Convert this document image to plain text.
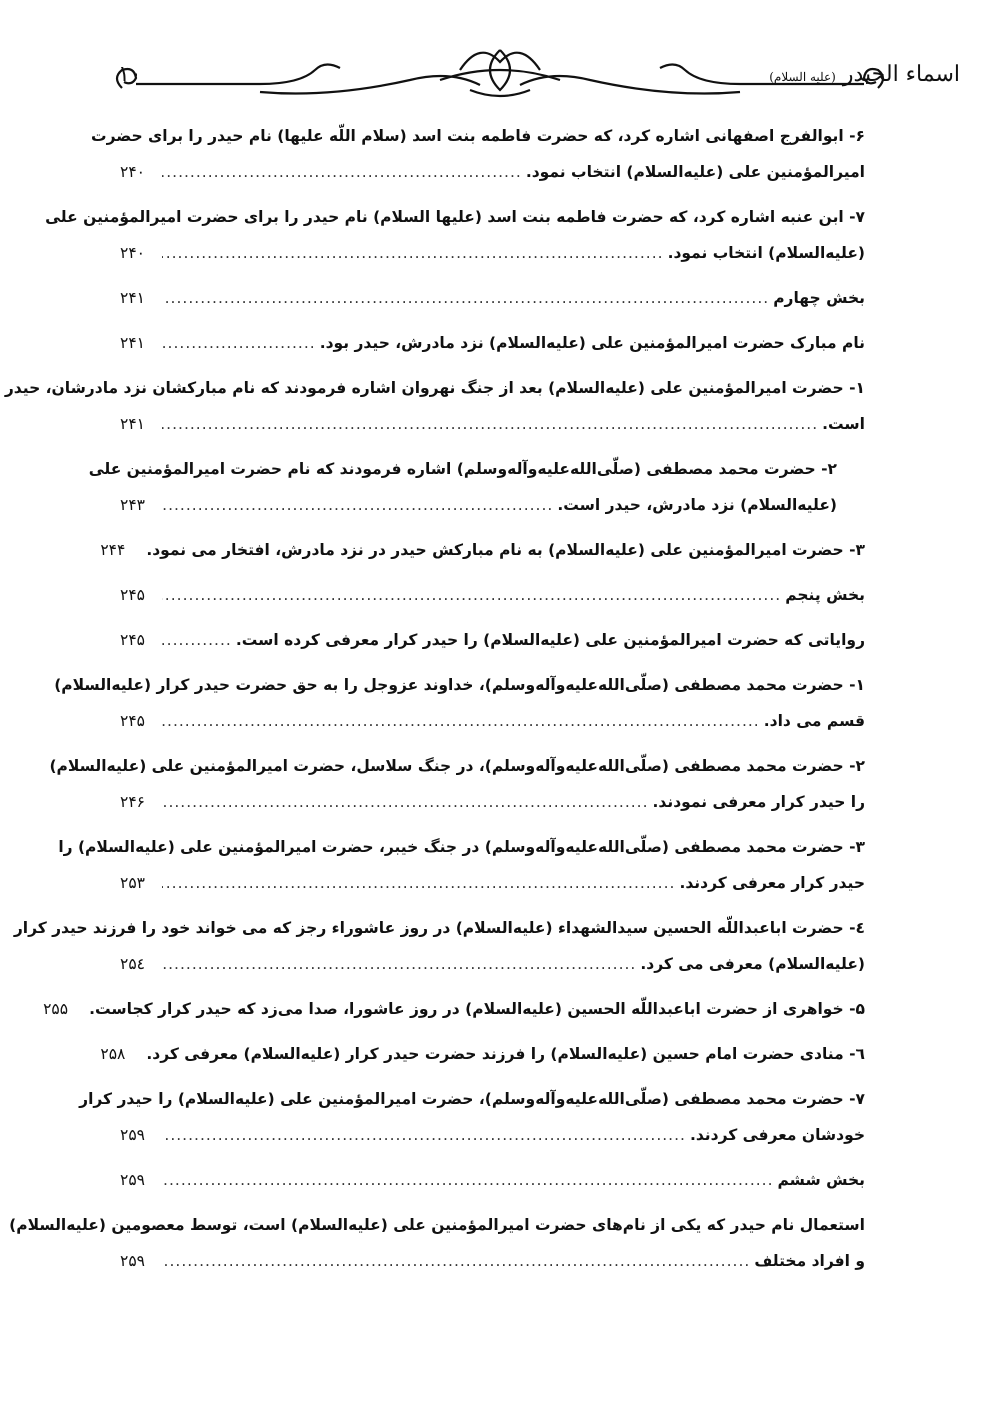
۱۰	اسماء الحیدر (علیه السلام)
۶- ابوالفرج اصفهانی اشاره کرد، که حضرت فاطمه بنت اسد (سلام اللّه علیها) نام حیدر را برای حضرت
امیرالمؤمنین علی (علیه‌السلام) انتخاب نمود.
.....
۲۴۰
۷- ابن عنبه اشاره کرد، که حضرت فاطمه بنت اسد (علیها السلام) نام حیدر را برای حضرت امیرالمؤمنین علی
(علیه‌السلام) انتخاب نمود.
.....
۲۴۰
بخش چهارم
.....
۲۴۱
نام مبارک حضرت امیرالمؤمنین علی (علیه‌السلام) نزد مادرش، حیدر بود.
.....
۲۴۱
۱- حضرت امیرالمؤمنین علی (علیه‌السلام) بعد از جنگ نهروان اشاره فرمودند که نام مبارکشان نزد مادرشان، حیدر
است.
.....
۲۴۱
۲- حضرت محمد مصطفی (صلّی‌الله‌علیه‌وآله‌وسلم) اشاره فرمودند که نام حضرت امیرالمؤمنین علی
(علیه‌السلام) نزد مادرش، حیدر است.
.....
۲۴۳
۳- حضرت امیرالمؤمنین علی (علیه‌السلام) به نام مبارکش حیدر در نزد مادرش، افتخار می نمود.
۲۴۴
بخش پنجم
.....
۲۴۵
روایاتی که حضرت امیرالمؤمنین علی (علیه‌السلام) را حیدر کرار معرفی کرده است.
.....
۲۴۵
۱- حضرت محمد مصطفی (صلّی‌الله‌علیه‌وآله‌وسلم)، خداوند عزوجل را به حق حضرت حیدر کرار (علیه‌السلام)
قسم می داد.
.....
۲۴۵
۲- حضرت محمد مصطفی (صلّی‌الله‌علیه‌وآله‌وسلم)، در جنگ سلاسل، حضرت امیرالمؤمنین علی (علیه‌السلام)
را حیدر کرار معرفی نمودند.
.....
۲۴۶
۳- حضرت محمد مصطفی (صلّی‌الله‌علیه‌وآله‌وسلم) در جنگ خیبر، حضرت امیرالمؤمنین علی (علیه‌السلام) را
حیدر کرار معرفی کردند.
.....
۲۵۳
٤- حضرت اباعبداللّه الحسین سیدالشهداء (علیه‌السلام) در روز عاشوراء رجز که می خواند خود را فرزند حیدر کرار
(علیه‌السلام) معرفی می کرد.
.....
۲۵٤
۵- خواهری از حضرت اباعبداللّه الحسین (علیه‌السلام) در روز عاشورا، صدا می‌زد که حیدر کرار کجاست.
۲۵۵
٦- منادی حضرت امام حسین (علیه‌السلام) را فرزند حضرت حیدر کرار (علیه‌السلام) معرفی کرد.
۲۵۸
۷- حضرت محمد مصطفی (صلّی‌الله‌علیه‌وآله‌وسلم)، حضرت امیرالمؤمنین علی (علیه‌السلام) را حیدر کرار
خودشان معرفی کردند.
.....
۲۵۹
بخش ششم
.....
۲۵۹
استعمال نام حیدر که یکی از نام‌های حضرت امیرالمؤمنین علی (علیه‌السلام) است، توسط معصومین (علیه‌السلام)
و افراد مختلف
.....
۲۵۹
